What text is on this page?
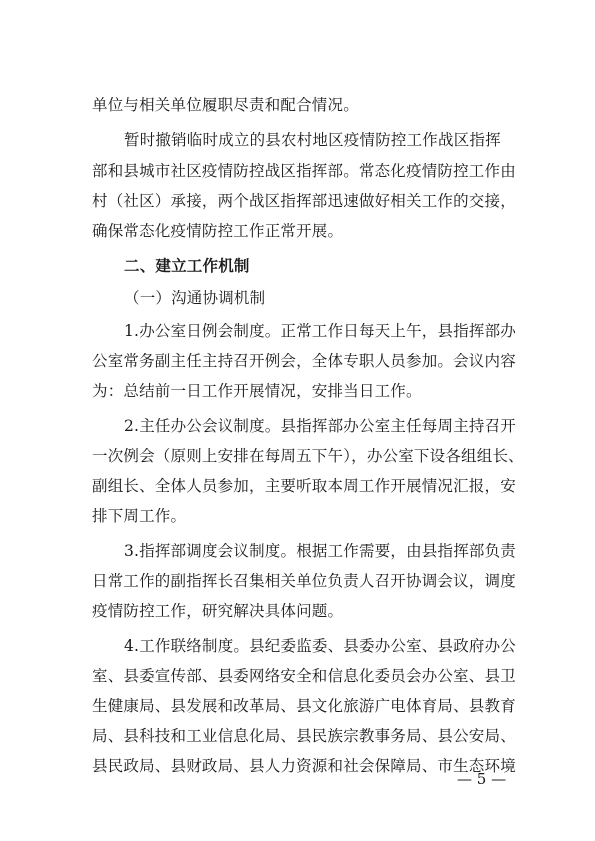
单位与相关单位履职尽责和配合情况。
暂时撤销临时成立的县农村地区疫情防控工作战区指挥
部和县城市社区疫情防控战区指挥部。常态化疫情防控工作由
村（社区）承接，两个战区指挥部迅速做好相关工作的交接，
确保常态化疫情防控工作正常开展。
二、建立工作机制
（一）沟通协调机制
1.办公室日例会制度。正常工作日每天上午，县指挥部办
公室常务副主任主持召开例会，全体专职人员参加。会议内容
为：总结前一日工作开展情况，安排当日工作。
2.主任办公会议制度。县指挥部办公室主任每周主持召开
一次例会（原则上安排在每周五下午），办公室下设各组组长、
副组长、全体人员参加，主要听取本周工作开展情况汇报，安
排下周工作。
3.指挥部调度会议制度。根据工作需要，由县指挥部负责
日常工作的副指挥长召集相关单位负责人召开协调会议，调度
疫情防控工作，研究解决具体问题。
4.工作联络制度。县纪委监委、县委办公室、县政府办公
室、县委宣传部、县委网络安全和信息化委员会办公室、县卫
生健康局、县发展和改革局、县文化旅游广电体育局、县教育
局、县科技和工业信息化局、县民族宗教事务局、县公安局、
县民政局、县财政局、县人力资源和社会保障局、市生态环境
— 5 —
